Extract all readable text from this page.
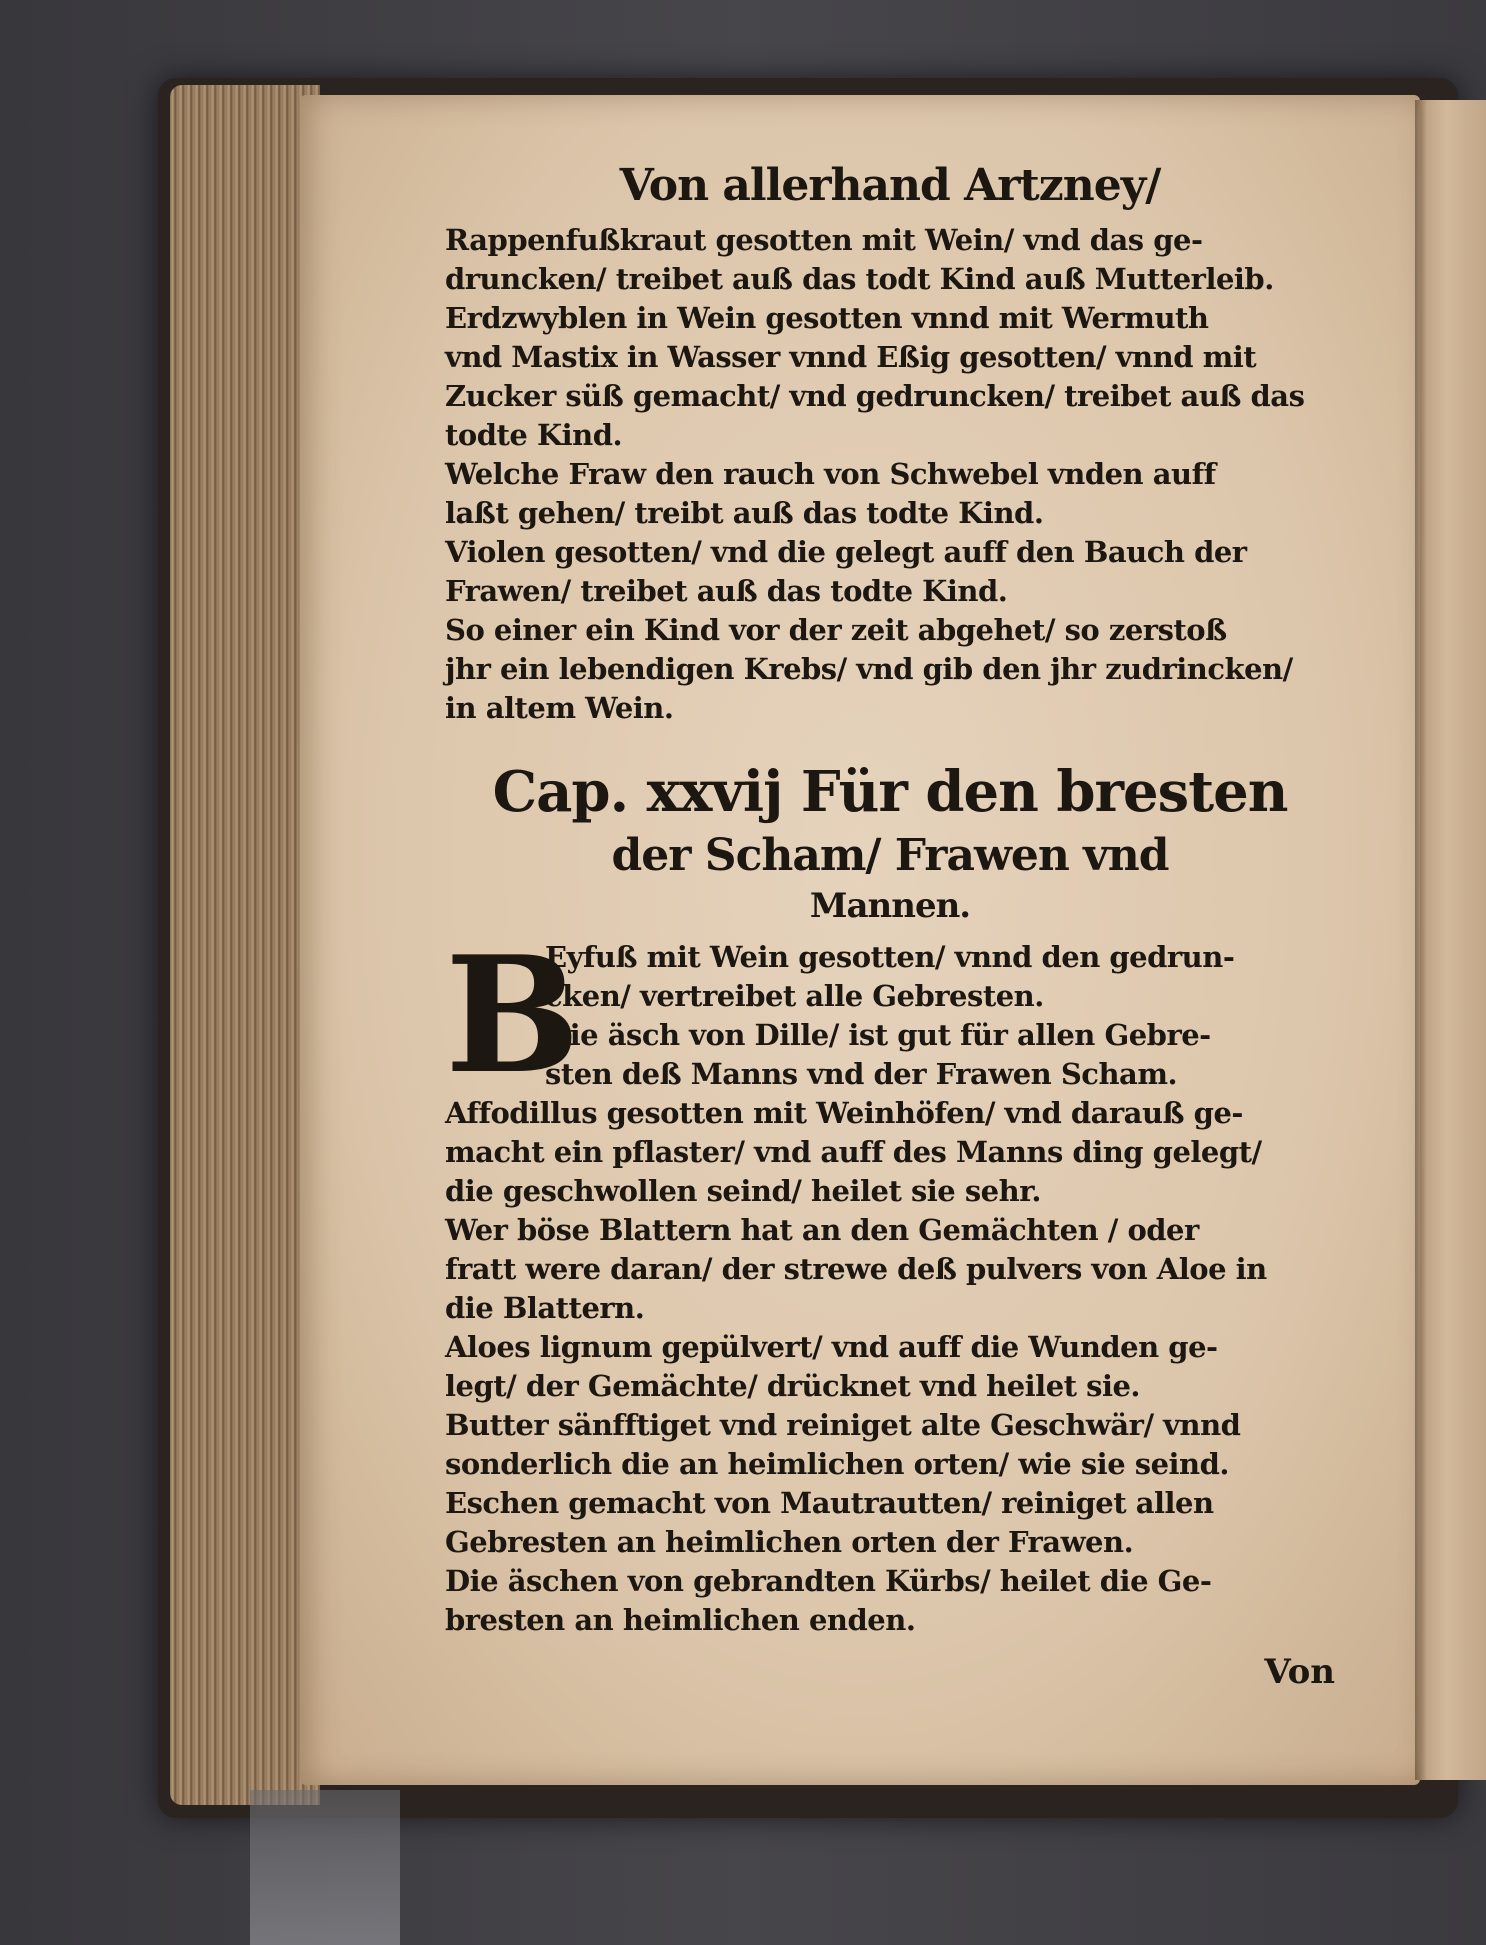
Von allerhand Artzney/
Rappenfußkraut gesotten mit Wein/ vnd das ge-
druncken/ treibet auß das todt Kind auß Mutterleib.
Erdzwyblen in Wein gesotten vnnd mit Wermuth
vnd Mastix in Wasser vnnd Eßig gesotten/ vnnd mit
Zucker süß gemacht/ vnd gedruncken/ treibet auß das
todte Kind.
Welche Fraw den rauch von Schwebel vnden auff
laßt gehen/ treibt auß das todte Kind.
Violen gesotten/ vnd die gelegt auff den Bauch der
Frawen/ treibet auß das todte Kind.
So einer ein Kind vor der zeit abgehet/ so zerstoß
jhr ein lebendigen Krebs/ vnd gib den jhr zudrincken/
in altem Wein.
Cap. xxvij Für den bresten
der Scham/ Frawen vnd
Mannen.
B
Eyfuß mit Wein gesotten/ vnnd den gedrun-
cken/ vertreibet alle Gebresten.
Die äsch von Dille/ ist gut für allen Gebre-
sten deß Manns vnd der Frawen Scham.
Affodillus gesotten mit Weinhöfen/ vnd darauß ge-
macht ein pflaster/ vnd auff des Manns ding gelegt/
die geschwollen seind/ heilet sie sehr.
Wer böse Blattern hat an den Gemächten / oder
fratt were daran/ der strewe deß pulvers von Aloe in
die Blattern.
Aloes lignum gepülvert/ vnd auff die Wunden ge-
legt/ der Gemächte/ drücknet vnd heilet sie.
Butter sänfftiget vnd reiniget alte Geschwär/ vnnd
sonderlich die an heimlichen orten/ wie sie seind.
Eschen gemacht von Mautrautten/ reiniget allen
Gebresten an heimlichen orten der Frawen.
Die äschen von gebrandten Kürbs/ heilet die Ge-
bresten an heimlichen enden.
Von
